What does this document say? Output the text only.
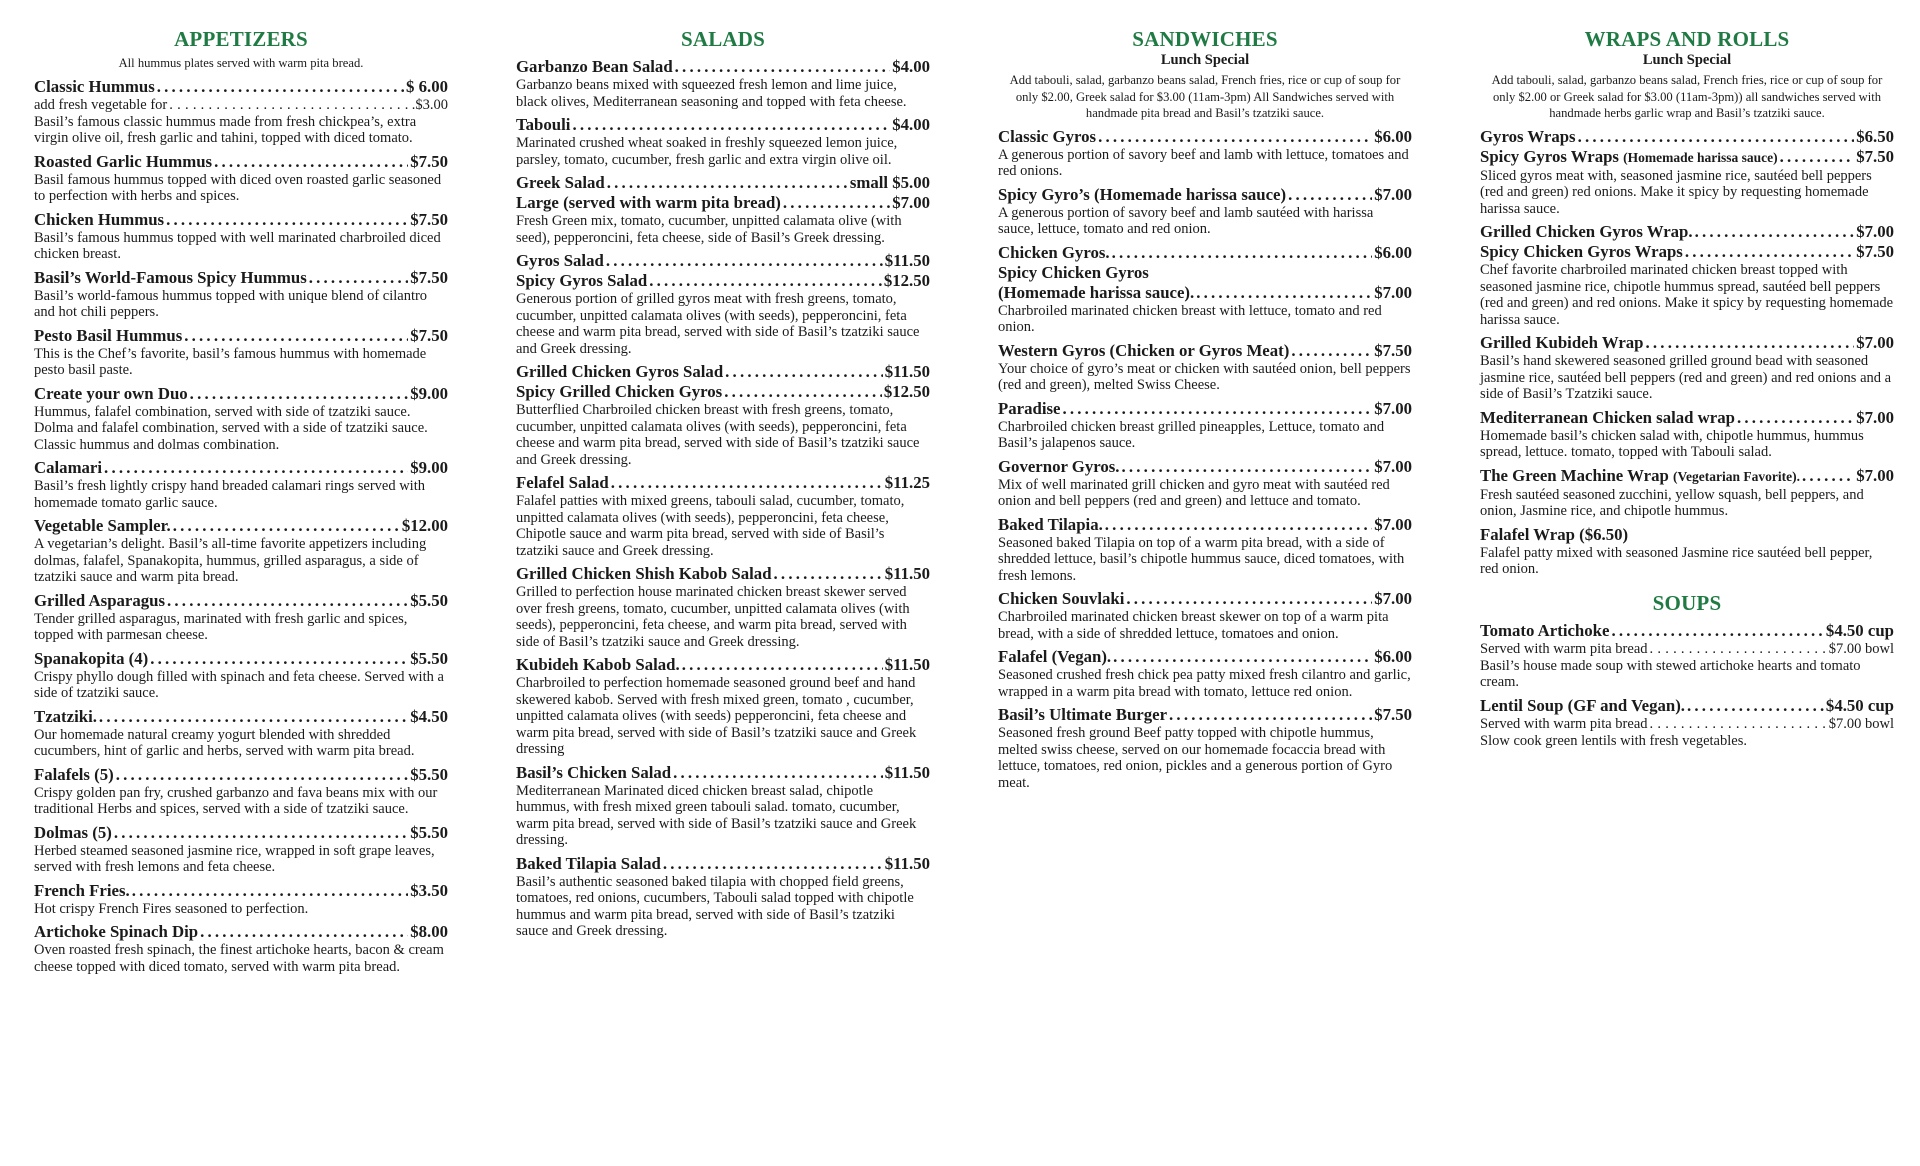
APPETIZERS
All hummus plates served with warm pita bread.
Classic Hummus . . .	$ 6.00
add fresh vegetable for . . .	.$3.00
Basil’s famous classic hummus made from fresh chickpea’s, extra virgin olive oil, fresh garlic and tahini, topped with diced tomato.
Roasted Garlic Hummus . . .	$7.50
Basil famous hummus topped with diced oven roasted garlic seasoned to perfection with herbs and spices.
Chicken Hummus . . .	$7.50
Basil’s famous hummus topped with well marinated charbroiled diced chicken breast.
Basil’s World-Famous Spicy Hummus . . .	$7.50
Basil’s world-famous hummus topped with unique blend of cilantro and hot chili peppers.
Pesto Basil Hummus . . .	$7.50
This is the Chef’s favorite, basil’s famous hummus with homemade pesto basil paste.
Create your own Duo . . .	$9.00
Hummus, falafel combination, served with side of tzatziki sauce. Dolma and falafel combination, served with a side of tzatziki sauce. Classic hummus and dolmas combination.
Calamari . . .	$9.00
Basil’s fresh lightly crispy hand breaded calamari rings served with homemade tomato garlic sauce.
Vegetable Sampler. . . .	$12.00
A vegetarian’s delight. Basil’s all-time favorite appetizers including dolmas, falafel, Spanakopita, hummus, grilled asparagus, a side of tzatziki sauce and warm pita bread.
Grilled Asparagus . . .	$5.50
Tender grilled asparagus, marinated with fresh garlic and spices, topped with parmesan cheese.
Spanakopita (4) . . .	$5.50
Crispy phyllo dough filled with spinach and feta cheese. Served with a side of tzatziki sauce.
Tzatziki. . . .	$4.50
Our homemade natural creamy yogurt blended with shredded cucumbers, hint of garlic and herbs, served with warm pita bread.
Falafels (5) . . .	$5.50
Crispy golden pan fry, crushed garbanzo and fava beans mix with our traditional Herbs and spices, served with a side of tzatziki sauce.
Dolmas (5) . . .	$5.50
Herbed steamed seasoned jasmine rice, wrapped in soft grape leaves, served with fresh lemons and feta cheese.
French Fries. . . .	$3.50
Hot crispy French Fires seasoned to perfection.
Artichoke Spinach Dip . . .	$8.00
Oven roasted fresh spinach, the finest artichoke hearts, bacon & cream cheese topped with diced tomato, served with warm pita bread.
SALADS
Garbanzo Bean Salad . . .	$4.00
Garbanzo beans mixed with squeezed fresh lemon and lime juice, black olives, Mediterranean seasoning and topped with feta cheese.
Tabouli . . .	$4.00
Marinated crushed wheat soaked in freshly squeezed lemon juice, parsley, tomato, cucumber, fresh garlic and extra virgin olive oil.
Greek Salad . . .	small $5.00
Large (served with warm pita bread) . . .	$7.00
Fresh Green mix, tomato, cucumber, unpitted calamata olive (with seed), pepperoncini, feta cheese, side of Basil’s Greek dressing.
Gyros Salad . . .	$11.50
Spicy Gyros Salad . . .	$12.50
Generous portion of grilled gyros meat with fresh greens, tomato, cucumber, unpitted calamata olives (with seeds), pepperoncini, feta cheese and warm pita bread, served with side of Basil’s tzatziki sauce and Greek dressing.
Grilled Chicken Gyros Salad . . .	$11.50
Spicy Grilled Chicken Gyros . . .	$12.50
Butterflied Charbroiled chicken breast with fresh greens, tomato, cucumber, unpitted calamata olives (with seeds), pepperoncini, feta cheese and warm pita bread, served with side of Basil’s tzatziki sauce and Greek dressing.
Felafel Salad . . .	$11.25
Falafel patties with mixed greens, tabouli salad, cucumber, tomato, unpitted calamata olives (with seeds), pepperoncini, feta cheese, Chipotle sauce and warm pita bread, served with side of Basil’s tzatziki sauce and Greek dressing.
Grilled Chicken Shish Kabob Salad . . .	$11.50
Grilled to perfection house marinated chicken breast skewer served over fresh greens, tomato, cucumber, unpitted calamata olives (with seeds), pepperoncini, feta cheese, and warm pita bread, served with side of Basil’s tzatziki sauce and Greek dressing.
Kubideh Kabob Salad. . . .	$11.50
Charbroiled to perfection homemade seasoned ground beef and hand skewered kabob. Served with fresh mixed green, tomato , cucumber, unpitted calamata olives (with seeds) pepperoncini, feta cheese and warm pita bread, served with side of Basil’s tzatziki sauce and Greek dressing
Basil’s Chicken Salad . . .	$11.50
Mediterranean Marinated diced chicken breast salad, chipotle hummus, with fresh mixed green tabouli salad. tomato, cucumber, warm pita bread, served with side of Basil’s tzatziki sauce and Greek dressing.
Baked Tilapia Salad . . .	$11.50
Basil’s authentic seasoned baked tilapia with chopped field greens, tomatoes, red onions, cucumbers, Tabouli salad topped with chipotle hummus and warm pita bread, served with side of Basil’s tzatziki sauce and Greek dressing.
SANDWICHES
Lunch Special
Add tabouli, salad, garbanzo beans salad, French fries, rice or cup of soup for only $2.00, Greek salad for $3.00 (11am-3pm) All Sandwiches served with handmade pita bread and Basil’s tzatziki sauce.
Classic Gyros . . .	$6.00
A generous portion of savory beef and lamb with lettuce, tomatoes and red onions.
Spicy Gyro’s (Homemade harissa sauce) . . .	$7.00
A generous portion of savory beef and lamb sautéed with harissa sauce, lettuce, tomato and red onion.
Chicken Gyros. . . .	$6.00
Spicy Chicken Gyros
(Homemade harissa sauce). . . .	$7.00
Charbroiled marinated chicken breast with lettuce, tomato and red onion.
Western Gyros (Chicken or Gyros Meat) . . .	$7.50
Your choice of gyro’s meat or chicken with sautéed onion, bell peppers (red and green), melted Swiss Cheese.
Paradise . . .	$7.00
Charbroiled chicken breast grilled pineapples, Lettuce, tomato and Basil’s jalapenos sauce.
Governor Gyros. . . .	$7.00
Mix of well marinated grill chicken and gyro meat with sautéed red onion and bell peppers (red and green) and lettuce and tomato.
Baked Tilapia. . . .	$7.00
Seasoned baked Tilapia on top of a warm pita bread, with a side of shredded lettuce, basil’s chipotle hummus sauce, diced tomatoes, with fresh lemons.
Chicken Souvlaki . . .	$7.00
Charbroiled marinated chicken breast skewer on top of a warm pita bread, with a side of shredded lettuce, tomatoes and onion.
Falafel (Vegan). . . .	$6.00
Seasoned crushed fresh chick pea patty mixed fresh cilantro and garlic, wrapped in a warm pita bread with tomato, lettuce red onion.
Basil’s Ultimate Burger . . .	$7.50
Seasoned fresh ground Beef patty topped with chipotle hummus, melted swiss cheese, served on our homemade focaccia bread with lettuce, tomatoes, red onion, pickles and a generous portion of Gyro meat.
WRAPS AND ROLLS
Lunch Special
Add tabouli, salad, garbanzo beans salad, French fries, rice or cup of soup for only $2.00 or Greek salad for $3.00 (11am-3pm)) all sandwiches served with handmade herbs garlic wrap and Basil’s tzatziki sauce.
Gyros Wraps . . .	$6.50
Spicy Gyros Wraps
(Homemade harissa sauce) . . .	$7.50
Sliced gyros meat with, seasoned jasmine rice, sautéed bell peppers (red and green) red onions. Make it spicy by requesting homemade harissa sauce.
Grilled Chicken Gyros Wrap. . . .	$7.00
Spicy Chicken Gyros Wraps . . .	$7.50
Chef favorite charbroiled marinated chicken breast topped with seasoned jasmine rice, chipotle hummus spread, sautéed bell peppers (red and green) and red onions. Make it spicy by requesting homemade harissa sauce.
Grilled Kubideh Wrap . . .	$7.00
Basil’s hand skewered seasoned grilled ground bead with seasoned jasmine rice, sautéed bell peppers (red and green) and red onions and a side of Basil’s Tzatziki sauce.
Mediterranean Chicken salad wrap . . .	$7.00
Homemade basil’s chicken salad with, chipotle hummus, hummus spread, lettuce. tomato, topped with Tabouli salad.
The Green Machine Wrap
(Vegetarian Favorite). . . .	$7.00
Fresh sautéed seasoned zucchini, yellow squash, bell peppers, and onion, Jasmine rice, and chipotle hummus.
Falafel Wrap ($6.50)
Falafel patty mixed with seasoned Jasmine rice sautéed bell pepper, red onion.
SOUPS
Tomato Artichoke . . .	$4.50 cup
Served with warm pita bread . . .	$7.00 bowl
Basil’s house made soup with stewed artichoke hearts and tomato cream.
Lentil Soup (GF and Vegan). . . .	$4.50 cup
Served with warm pita bread . . .	$7.00 bowl
Slow cook green lentils with fresh vegetables.
